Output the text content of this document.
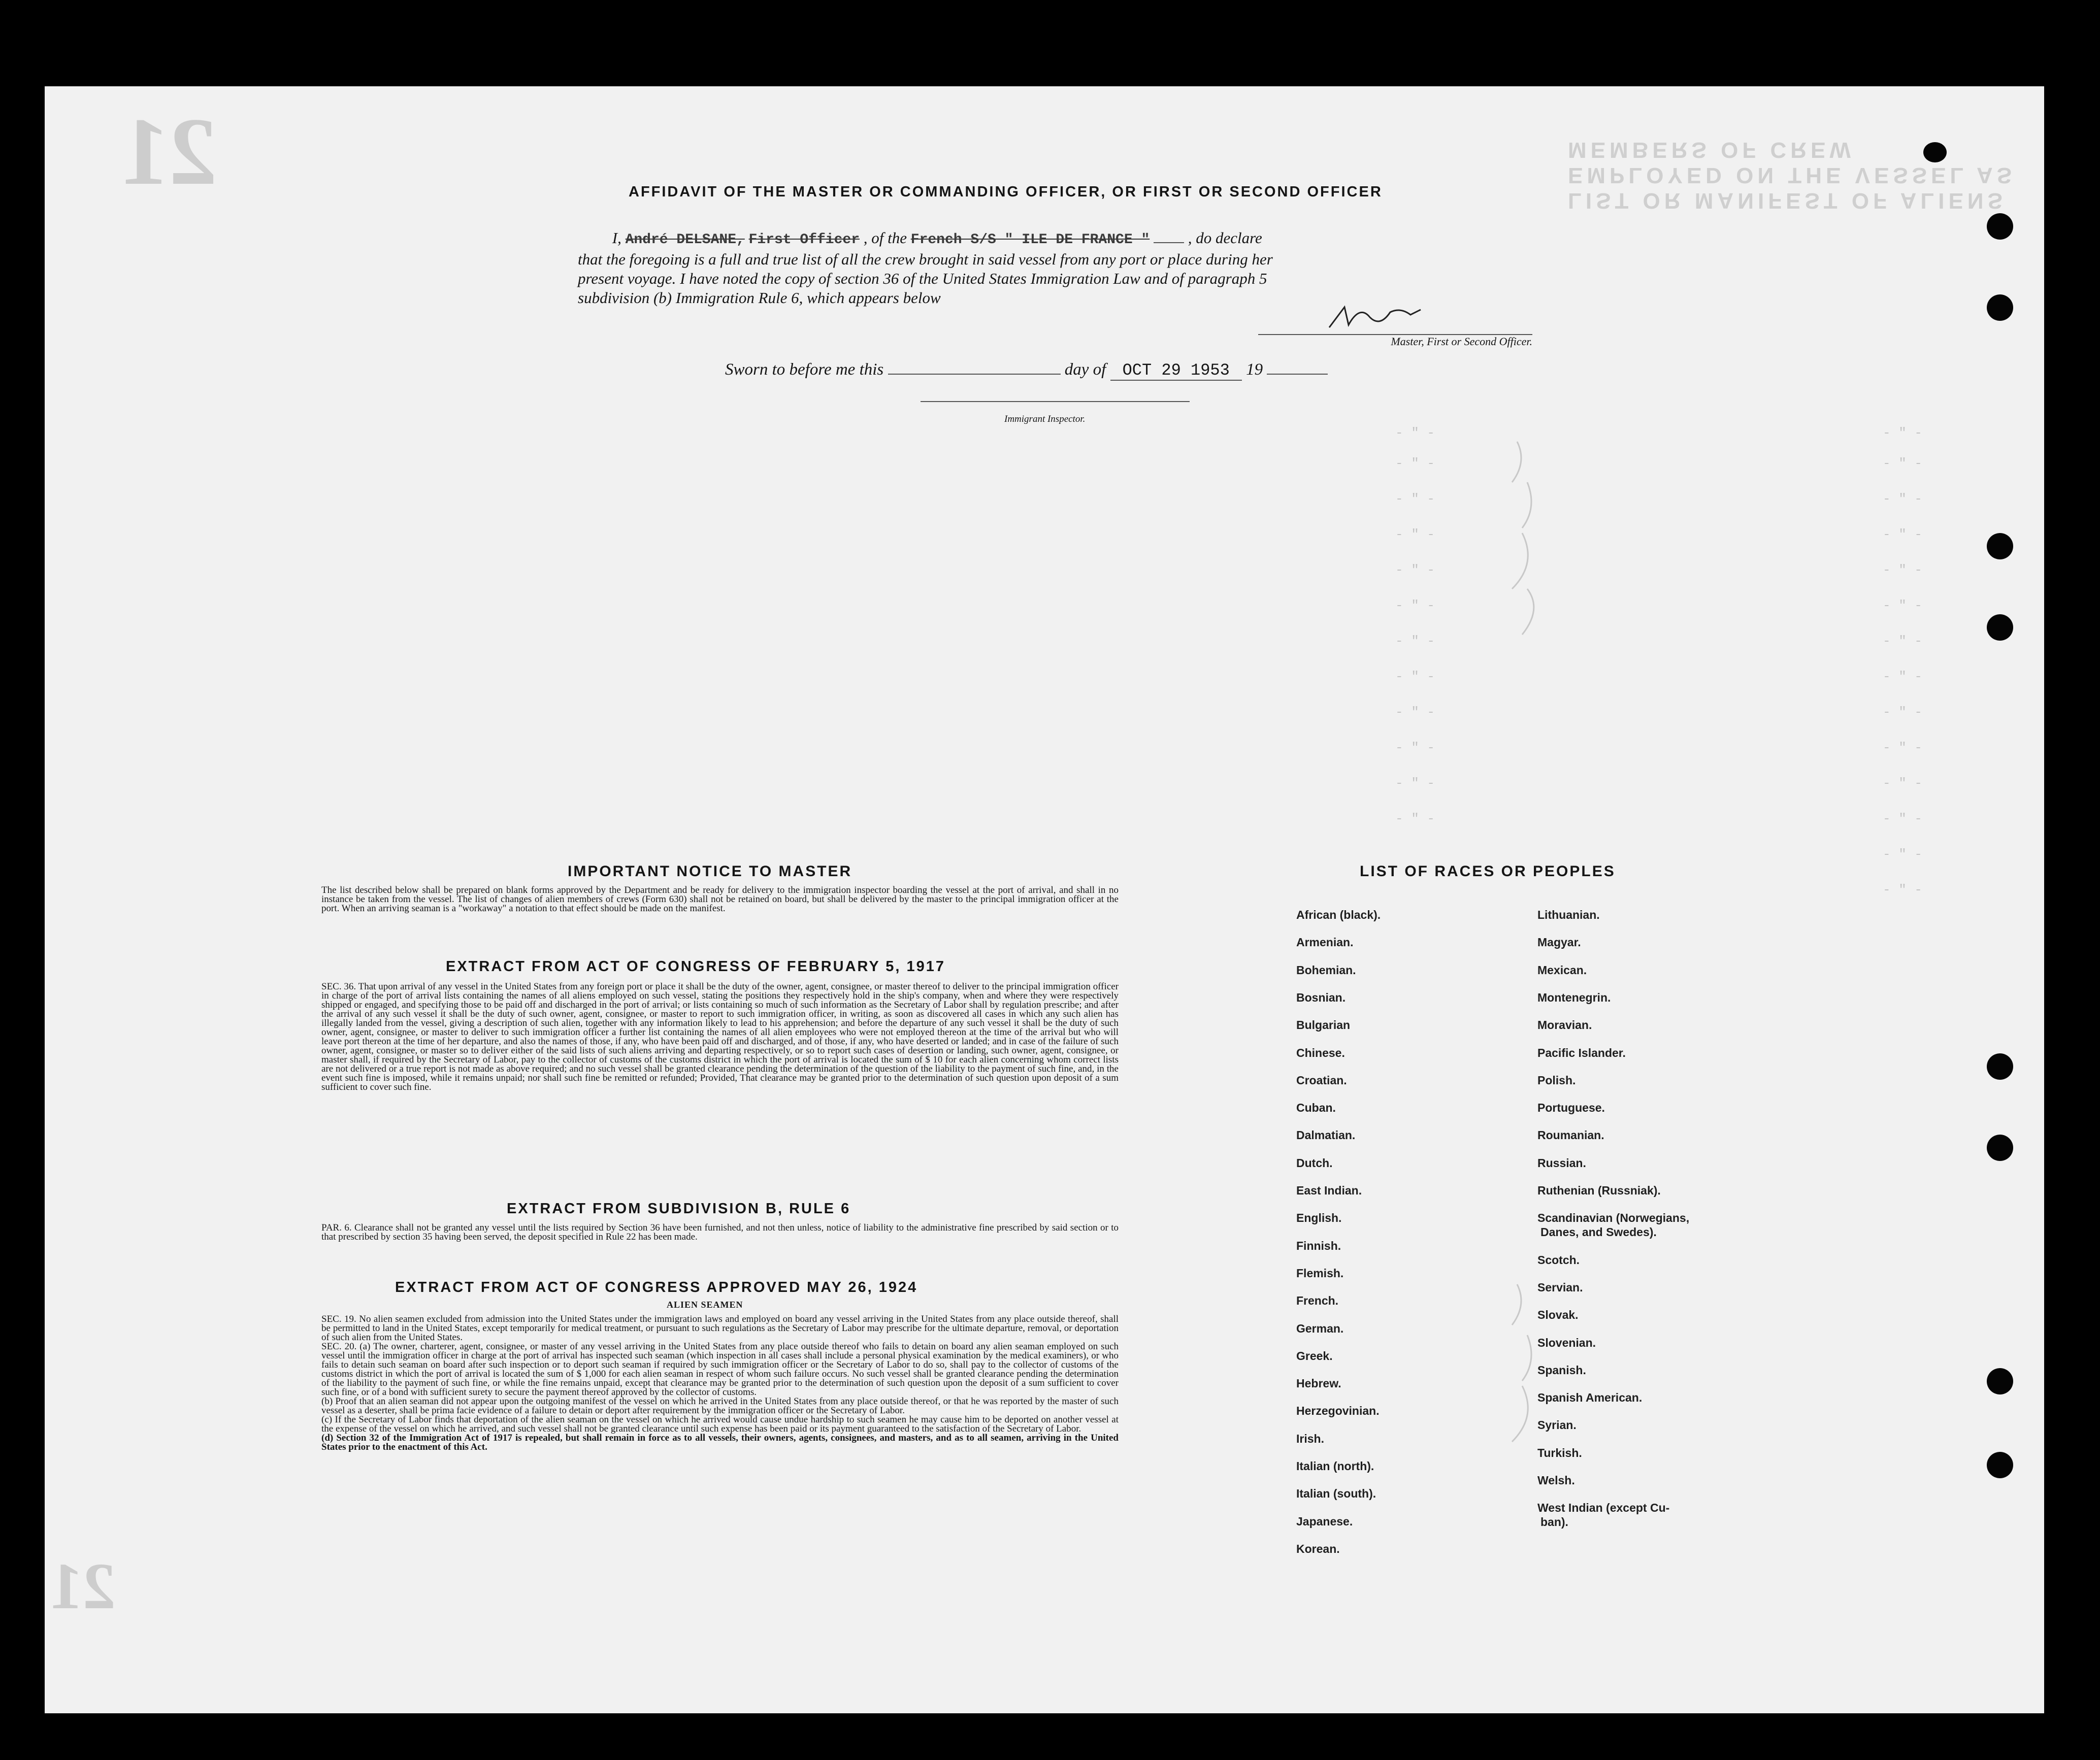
LIST OR MANIFEST OF ALIENS EMPLOYED ON THE VESSEL AS MEMBERS OF CREW
21
21
- " -
- " -
- " -
- " -
- " -
- " -
- " -
- " -
- " -
- " -
- " -
- " -
- " -
- " -
- " -
- " -
- " -
- " -
- " -
- " -
- " -
- " -
- " -
- " -
- " -
- " -
AFFIDAVIT OF THE MASTER OR COMMANDING OFFICER, OR FIRST OR SECOND OFFICER
I, André DELSANE, First Officer , of the French S/S " ILE DE FRANCE " , do declare
that the foregoing is a full and true list of all the crew brought in said vessel from any port or place during her
present voyage. I have noted the copy of section 36 of the United States Immigration Law and of paragraph 5
subdivision (b) Immigration Rule 6, which appears below
Master, First or Second Officer.
Sworn to before me this	day of OCT 29 1953 19
Immigrant Inspector.
IMPORTANT NOTICE TO MASTER
The list described below shall be prepared on blank forms approved by the Department and be ready for delivery to the immigration inspector boarding the vessel at the port of arrival, and shall in no instance be taken from the vessel. The list of changes of alien members of crews (Form 630) shall not be retained on board, but shall be delivered by the master to the principal immigration officer at the port. When an arriving seaman is a "workaway" a notation to that effect should be made on the manifest.
EXTRACT FROM ACT OF CONGRESS OF FEBRUARY 5, 1917
SEC. 36. That upon arrival of any vessel in the United States from any foreign port or place it shall be the duty of the owner, agent, consignee, or master thereof to deliver to the principal immigration officer in charge of the port of arrival lists containing the names of all aliens employed on such vessel, stating the positions they respectively hold in the ship's company, when and where they were respectively shipped or engaged, and specifying those to be paid off and discharged in the port of arrival; or lists containing so much of such information as the Secretary of Labor shall by regulation prescribe; and after the arrival of any such vessel it shall be the duty of such owner, agent, consignee, or master to report to such immigration officer, in writing, as soon as discovered all cases in which any such alien has illegally landed from the vessel, giving a description of such alien, together with any information likely to lead to his apprehension; and before the departure of any such vessel it shall be the duty of such owner, agent, consignee, or master to deliver to such immigration officer a further list containing the names of all alien employees who were not employed thereon at the time of the arrival but who will leave port thereon at the time of her departure, and also the names of those, if any, who have been paid off and discharged, and of those, if any, who have deserted or landed; and in case of the failure of such owner, agent, consignee, or master so to deliver either of the said lists of such aliens arriving and departing respectively, or so to report such cases of desertion or landing, such owner, agent, consignee, or master shall, if required by the Secretary of Labor, pay to the collector of customs of the customs district in which the port of arrival is located the sum of $ 10 for each alien concerning whom correct lists are not delivered or a true report is not made as above required; and no such vessel shall be granted clearance pending the determination of the question of the liability to the payment of such fine, and, in the event such fine is imposed, while it remains unpaid; nor shall such fine be remitted or refunded; Provided, That clearance may be granted prior to the determination of such question upon deposit of a sum sufficient to cover such fine.
EXTRACT FROM SUBDIVISION B, RULE 6
PAR. 6. Clearance shall not be granted any vessel until the lists required by Section 36 have been furnished, and not then unless, notice of liability to the administrative fine prescribed by said section or to that prescribed by section 35 having been served, the deposit specified in Rule 22 has been made.
EXTRACT FROM ACT OF CONGRESS APPROVED MAY 26, 1924
ALIEN SEAMEN
SEC. 19. No alien seamen excluded from admission into the United States under the immigration laws and employed on board any vessel arriving in the United States from any place outside thereof, shall be permitted to land in the United States, except temporarily for medical treatment, or pursuant to such regulations as the Secretary of Labor may prescribe for the ultimate departure, removal, or deportation of such alien from the United States.
SEC. 20. (a) The owner, charterer, agent, consignee, or master of any vessel arriving in the United States from any place outside thereof who fails to detain on board any alien seaman employed on such vessel until the immigration officer in charge at the port of arrival has inspected such seaman (which inspection in all cases shall include a personal physical examination by the medical examiners), or who fails to detain such seaman on board after such inspection or to deport such seaman if required by such immigration officer or the Secretary of Labor to do so, shall pay to the collector of customs of the customs district in which the port of arrival is located the sum of $ 1,000 for each alien seaman in respect of whom such failure occurs. No such vessel shall be granted clearance pending the determination of the liability to the payment of such fine, or while the fine remains unpaid, except that clearance may be granted prior to the determination of such question upon the deposit of a sum sufficient to cover such fine, or of a bond with sufficient surety to secure the payment thereof approved by the collector of customs.
(b) Proof that an alien seaman did not appear upon the outgoing manifest of the vessel on which he arrived in the United States from any place outside thereof, or that he was reported by the master of such vessel as a deserter, shall be prima facie evidence of a failure to detain or deport after requirement by the immigration officer or the Secretary of Labor.
(c) If the Secretary of Labor finds that deportation of the alien seaman on the vessel on which he arrived would cause undue hardship to such seamen he may cause him to be deported on another vessel at the expense of the vessel on which he arrived, and such vessel shall not be granted clearance until such expense has been paid or its payment guaranteed to the satisfaction of the Secretary of Labor.
(d) Section 32 of the Immigration Act of 1917 is repealed, but shall remain in force as to all vessels, their owners, agents, consignees, and masters, and as to all seamen, arriving in the United States prior to the enactment of this Act.
LIST OF RACES OR PEOPLES
African (black).
Armenian.
Bohemian.
Bosnian.
Bulgarian
Chinese.
Croatian.
Cuban.
Dalmatian.
Dutch.
East Indian.
English.
Finnish.
Flemish.
French.
German.
Greek.
Hebrew.
Herzegovinian.
Irish.
Italian (north).
Italian (south).
Japanese.
Korean.
Lithuanian.
Magyar.
Mexican.
Montenegrin.
Moravian.
Pacific Islander.
Polish.
Portuguese.
Roumanian.
Russian.
Ruthenian (Russniak).
Scandinavian (Norwegians,
Danes, and Swedes).
Scotch.
Servian.
Slovak.
Slovenian.
Spanish.
Spanish American.
Syrian.
Turkish.
Welsh.
West Indian (except Cu-
ban).
